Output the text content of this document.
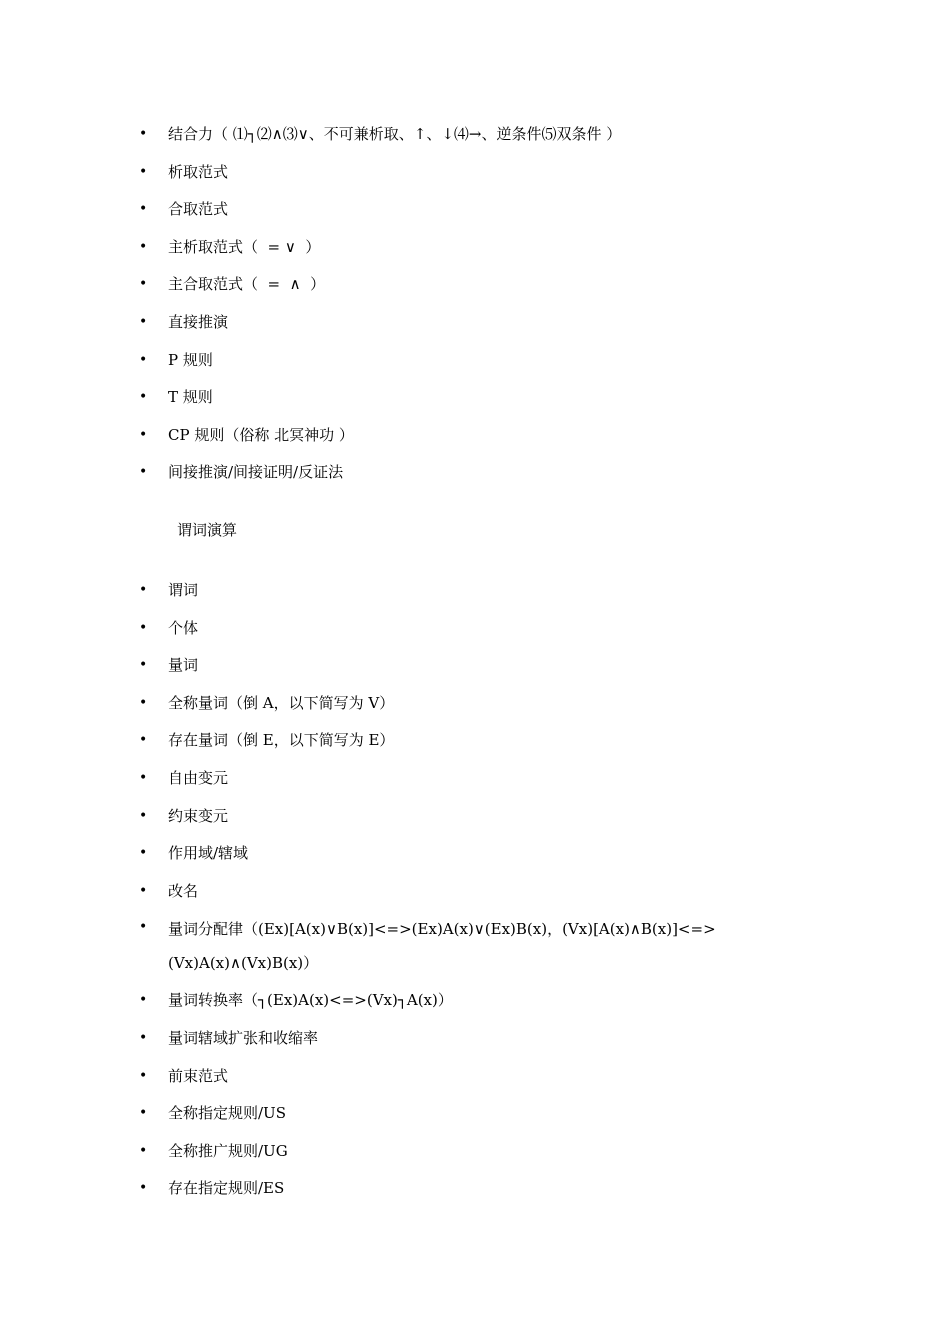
• 结合力（ ⑴┐⑵∧⑶∨、不可兼析取、↑、↓⑷→、逆条件⑸双条件 ）
• 析取范式
• 合取范式
• 主析取范式（  = ∨  ）
• 主合取范式（  =  ∧  ）
• 直接推演
• P 规则
• T 规则
• CP 规则（俗称 北冥神功 ）
• 间接推演/间接证明/反证法
谓词演算
• 谓词
• 个体
• 量词
• 全称量词（倒 A，以下简写为 V）
• 存在量词（倒 E，以下简写为 E）
• 自由变元
• 约束变元
• 作用域/辖域
• 改名
• 量词分配律（(Ex)[A(x)∨B(x)]<=>(Ex)A(x)∨(Ex)B(x)，(Vx)[A(x)∧B(x)]<=>(Vx)A(x)∧(Vx)B(x)）
• 量词转换率（┐(Ex)A(x)<=>(Vx)┐A(x)）
• 量词辖域扩张和收缩率
• 前束范式
• 全称指定规则/US
• 全称推广规则/UG
• 存在指定规则/ES
